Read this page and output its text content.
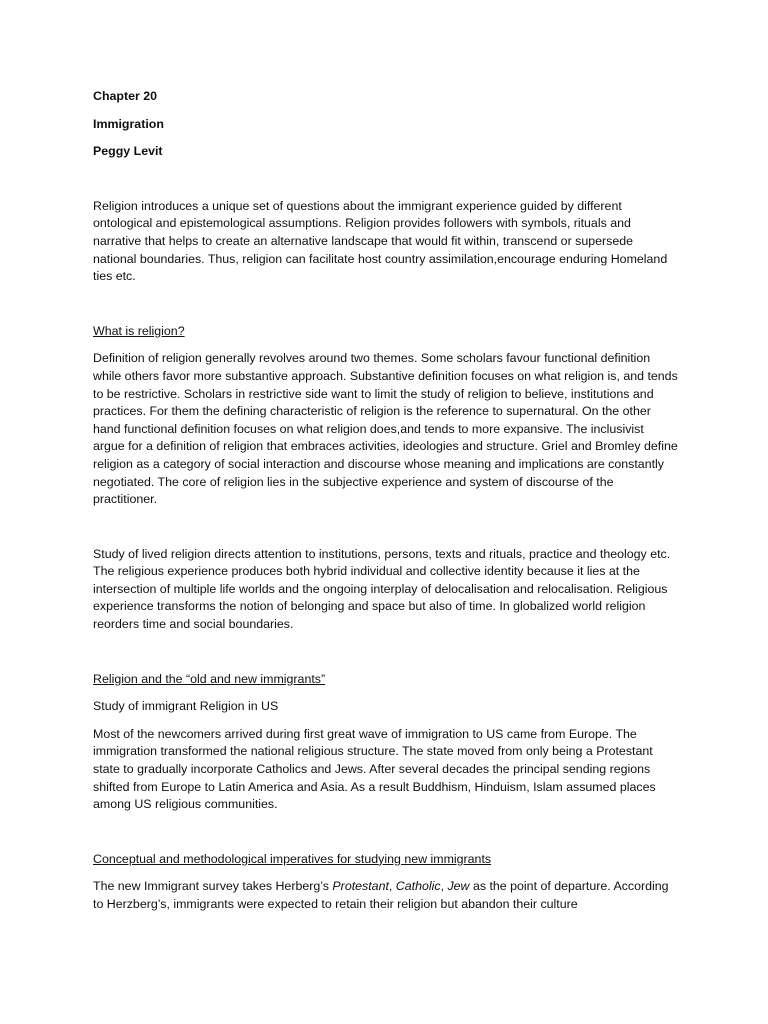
Chapter 20
Immigration
Peggy Levit
Religion introduces a unique set of questions about the immigrant experience guided by different ontological and epistemological assumptions. Religion provides followers with symbols, rituals and narrative that helps to create an alternative landscape that would fit within, transcend or supersede national boundaries. Thus, religion can facilitate host country assimilation,encourage enduring Homeland ties etc.
What is religion?
Definition of religion generally revolves around two themes. Some scholars favour functional definition while others favor more substantive approach. Substantive definition focuses on what religion is, and tends to be restrictive. Scholars in restrictive side want to limit the study of religion to believe, institutions and practices. For them the defining characteristic of religion is the reference to supernatural. On the other hand functional definition focuses on what religion does,and tends to more expansive. The inclusivist argue for a definition of religion that embraces activities, ideologies and structure. Griel and Bromley define religion as a category of social interaction and discourse whose meaning and implications are constantly negotiated. The core of religion lies in the subjective experience and system of discourse of the practitioner.
Study of lived religion directs attention to institutions, persons, texts and rituals, practice and theology etc. The religious experience produces both hybrid individual and collective identity because it lies at the intersection of multiple life worlds and the ongoing interplay of delocalisation and relocalisation. Religious experience transforms the notion of belonging and space but also of time. In globalized world religion reorders time and social boundaries.
Religion and the “old and new immigrants”
Study of immigrant Religion in US
Most of the newcomers arrived during first great wave of immigration to US came from Europe. The immigration transformed the national religious structure. The state moved from only being a Protestant state to gradually incorporate Catholics and Jews. After several decades the principal sending regions shifted from Europe to Latin America and Asia. As a result Buddhism, Hinduism, Islam assumed places among US religious communities.
Conceptual and methodological imperatives for studying new immigrants
The new Immigrant survey takes Herberg’s Protestant, Catholic, Jew as the point of departure. According to Herzberg’s, immigrants were expected to retain their religion but abandon their culture
